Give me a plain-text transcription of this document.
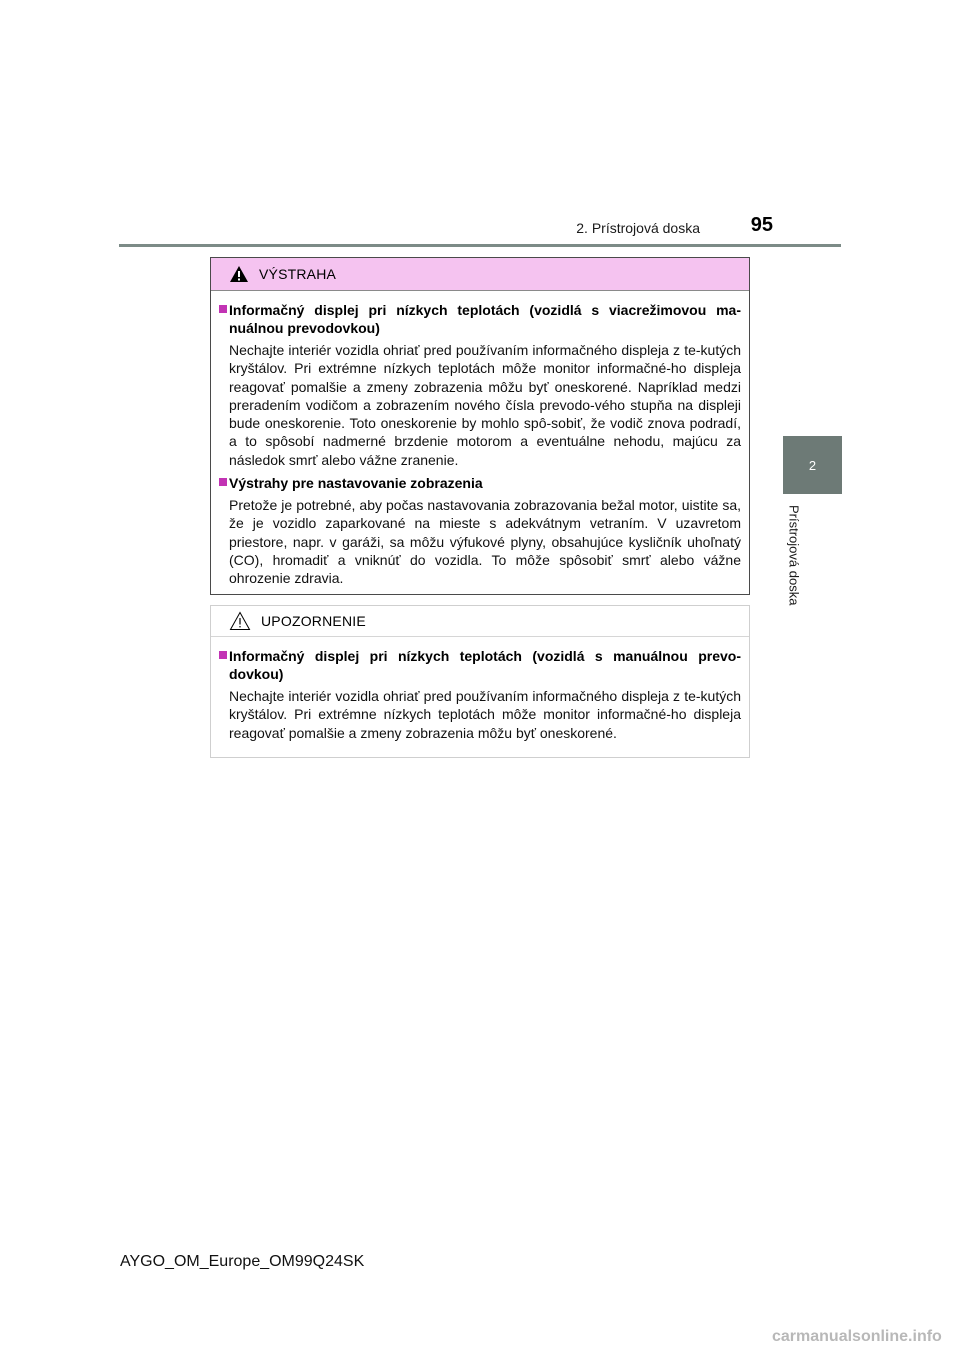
2. Prístrojová doska	95
2
Prístrojová doska
VÝSTRAHA
Informačný displej pri nízkych teplotách (vozidlá s viacrežimovou ma-nuálnou prevodovkou)
Nechajte interiér vozidla ohriať pred používaním informačného displeja z te-kutých kryštálov. Pri extrémne nízkych teplotách môže monitor informačné-ho displeja reagovať pomalšie a zmeny zobrazenia môžu byť oneskorené. Napríklad medzi preradením vodičom a zobrazením nového čísla prevodo-vého stupňa na displeji bude oneskorenie. Toto oneskorenie by mohlo spô-sobiť, že vodič znova podradí, a to spôsobí nadmerné brzdenie motorom a eventuálne nehodu, majúcu za následok smrť alebo vážne zranenie.
Výstrahy pre nastavovanie zobrazenia
Pretože je potrebné, aby počas nastavovania zobrazovania bežal motor, uistite sa, že je vozidlo zaparkované na mieste s adekvátnym vetraním. V uzavretom priestore, napr. v garáži, sa môžu výfukové plyny, obsahujúce kysličník uhoľnatý (CO), hromadiť a vniknúť do vozidla. To môže spôsobiť smrť alebo vážne ohrozenie zdravia.
UPOZORNENIE
Informačný displej pri nízkych teplotách (vozidlá s manuálnou prevo-dovkou)
Nechajte interiér vozidla ohriať pred používaním informačného displeja z te-kutých kryštálov. Pri extrémne nízkych teplotách môže monitor informačné-ho displeja reagovať pomalšie a zmeny zobrazenia môžu byť oneskorené.
AYGO_OM_Europe_OM99Q24SK
carmanualsonline.info
